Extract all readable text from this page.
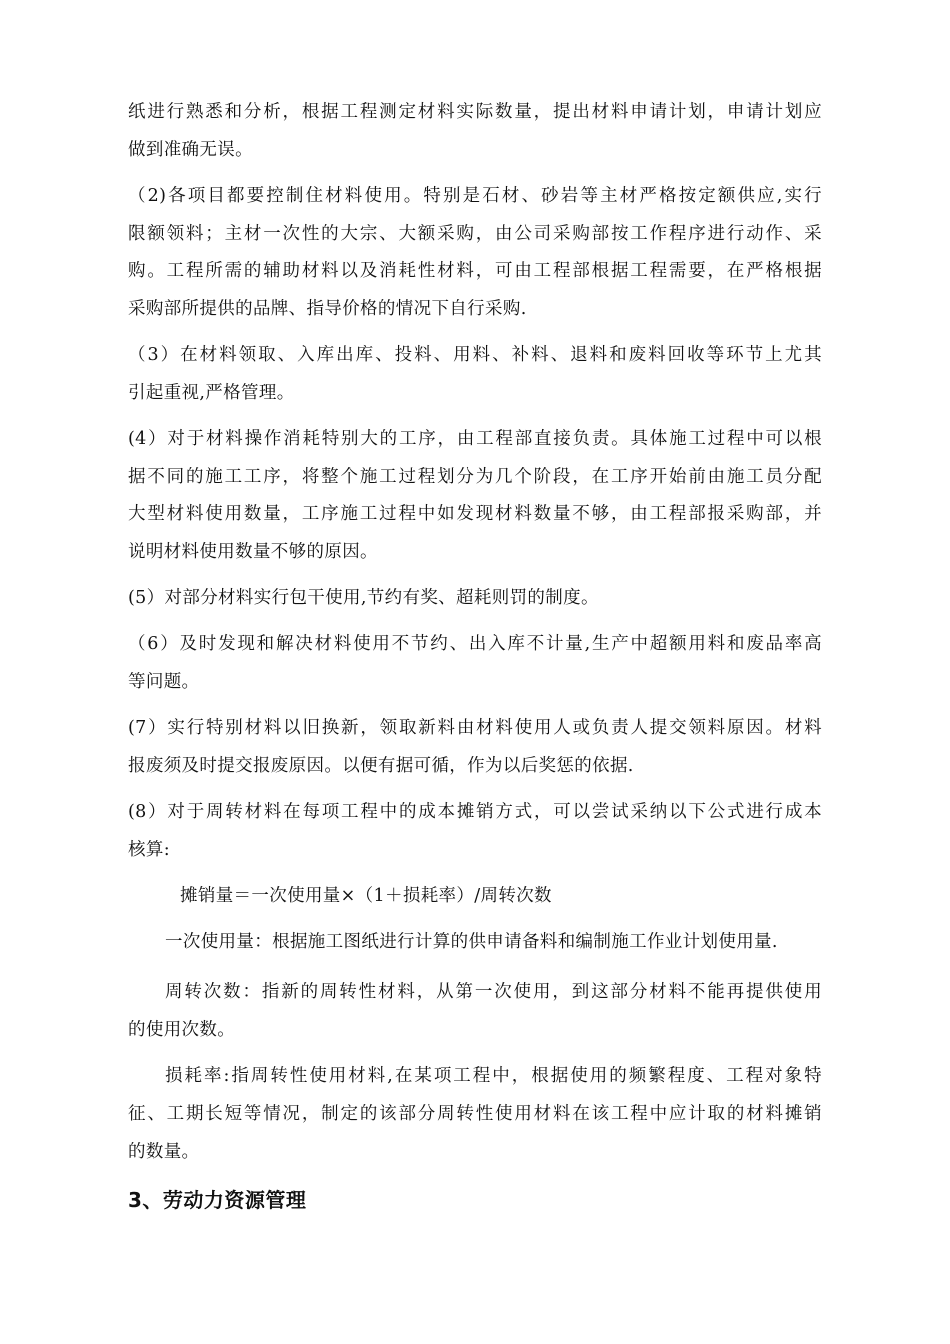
纸进行熟悉和分析，根据工程测定材料实际数量，提出材料申请计划，申请计划应
做到准确无误。
（2)各项目都要控制住材料使用。特别是石材、砂岩等主材严格按定额供应,实行
限额领料；主材一次性的大宗、大额采购，由公司采购部按工作程序进行动作、采
购。工程所需的辅助材料以及消耗性材料，可由工程部根据工程需要，在严格根据
采购部所提供的品牌、指导价格的情况下自行采购.
（3）在材料领取、入库出库、投料、用料、补料、退料和废料回收等环节上尤其
引起重视,严格管理。
(4）对于材料操作消耗特别大的工序，由工程部直接负责。具体施工过程中可以根
据不同的施工工序，将整个施工过程划分为几个阶段，在工序开始前由施工员分配
大型材料使用数量，工序施工过程中如发现材料数量不够，由工程部报采购部，并
说明材料使用数量不够的原因。
(5）对部分材料实行包干使用,节约有奖、超耗则罚的制度。
（6）及时发现和解决材料使用不节约、出入库不计量,生产中超额用料和废品率高
等问题。
(7）实行特别材料以旧换新，领取新料由材料使用人或负责人提交领料原因。材料
报废须及时提交报废原因。以便有据可循，作为以后奖惩的依据.
(8）对于周转材料在每项工程中的成本摊销方式，可以尝试采纳以下公式进行成本
核算:
摊销量＝一次使用量×（1＋损耗率）/周转次数
一次使用量：根据施工图纸进行计算的供申请备料和编制施工作业计划使用量.
周转次数：指新的周转性材料，从第一次使用，到这部分材料不能再提供使用
的使用次数。
损耗率:指周转性使用材料,在某项工程中，根据使用的频繁程度、工程对象特
征、工期长短等情况，制定的该部分周转性使用材料在该工程中应计取的材料摊销
的数量。
3、劳动力资源管理
